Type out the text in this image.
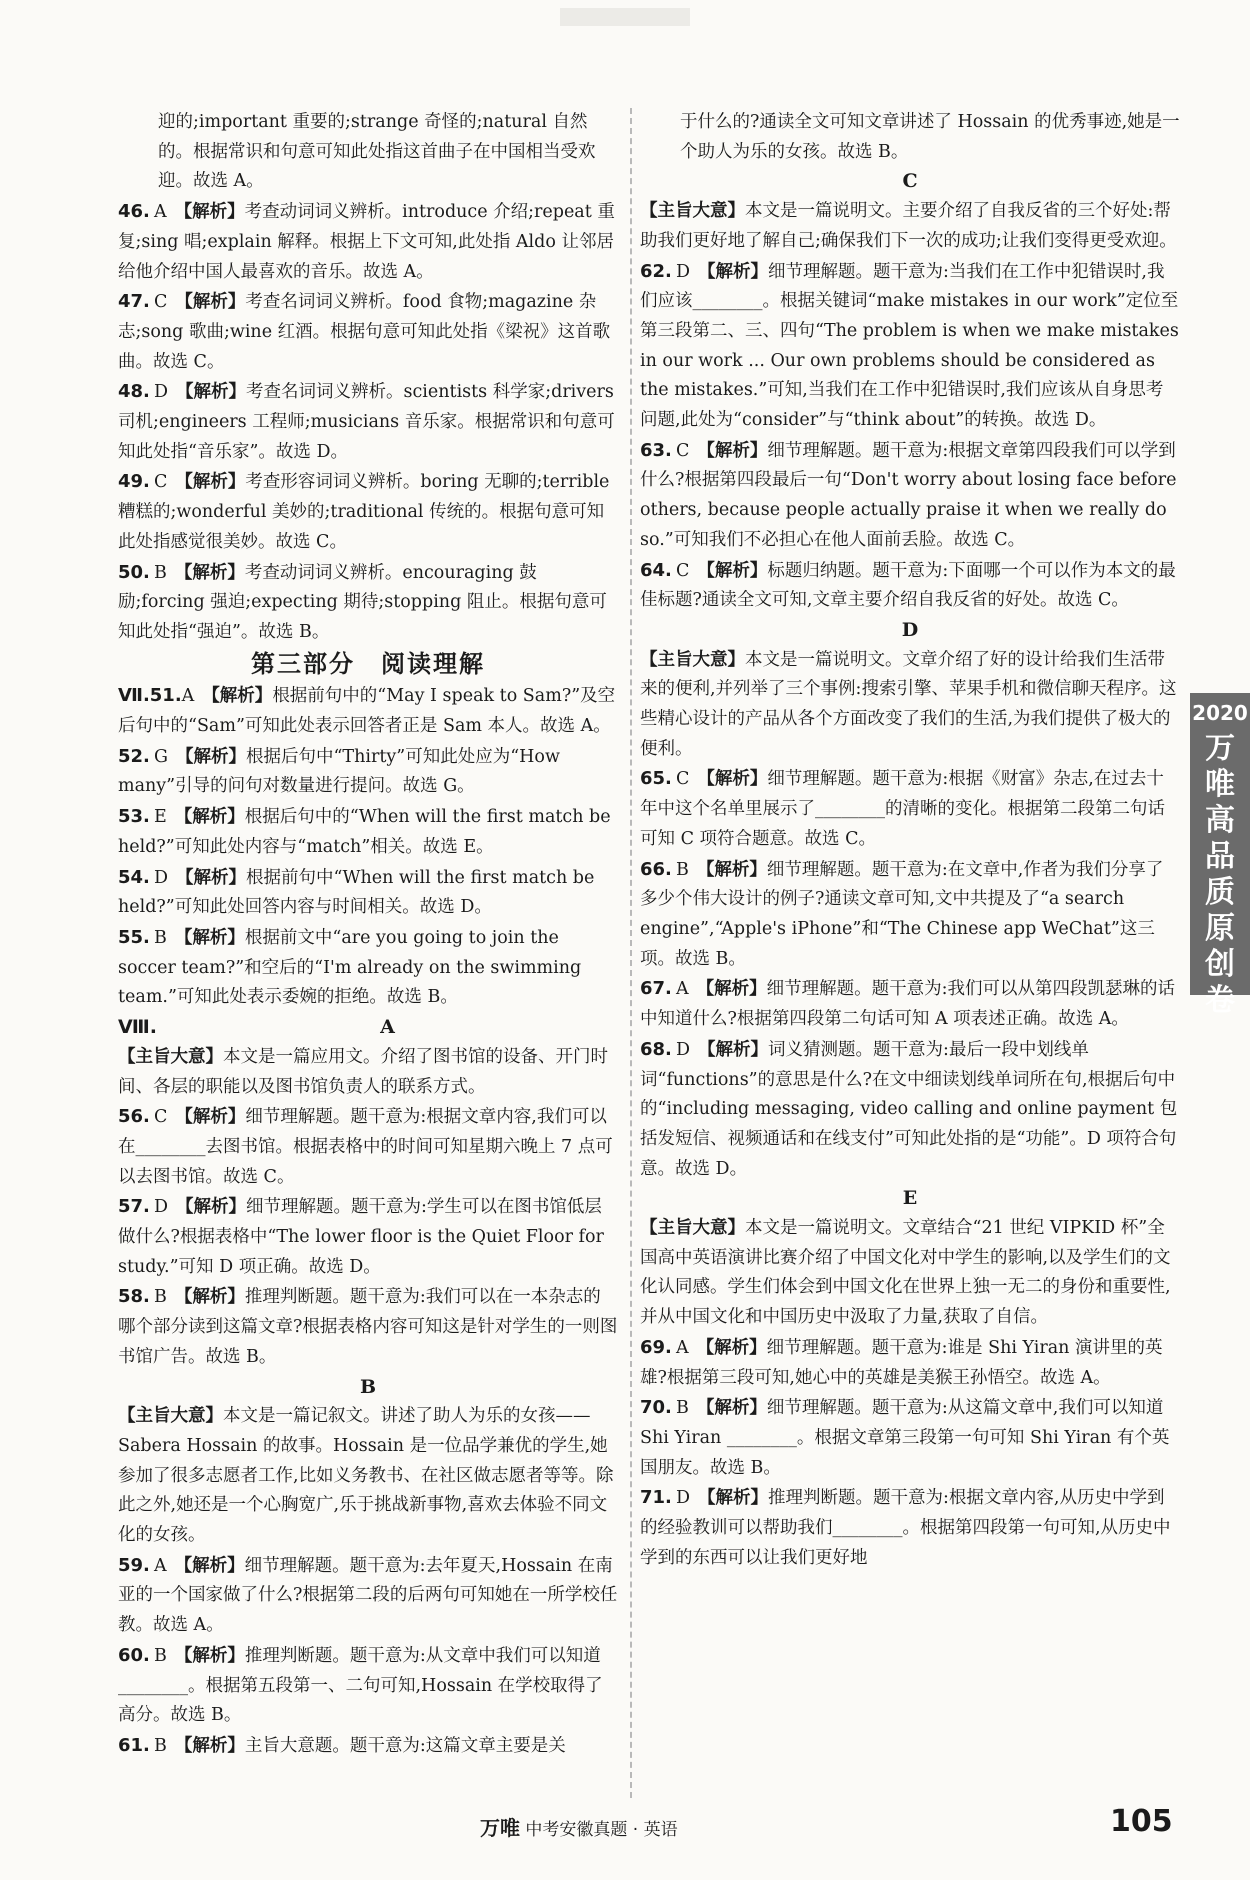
迎的;important 重要的;strange 奇怪的;natural 自然的。根据常识和句意可知此处指这首曲子在中国相当受欢迎。故选 A。
46. A 【解析】考查动词词义辨析。introduce 介绍;repeat 重复;sing 唱;explain 解释。根据上下文可知,此处指 Aldo 让邻居给他介绍中国人最喜欢的音乐。故选 A。
47. C 【解析】考查名词词义辨析。food 食物;magazine 杂志;song 歌曲;wine 红酒。根据句意可知此处指《梁祝》这首歌曲。故选 C。
48. D 【解析】考查名词词义辨析。scientists 科学家;drivers 司机;engineers 工程师;musicians 音乐家。根据常识和句意可知此处指“音乐家”。故选 D。
49. C 【解析】考查形容词词义辨析。boring 无聊的;terrible 糟糕的;wonderful 美妙的;traditional 传统的。根据句意可知此处指感觉很美妙。故选 C。
50. B 【解析】考查动词词义辨析。encouraging 鼓励;forcing 强迫;expecting 期待;stopping 阻止。根据句意可知此处指“强迫”。故选 B。
第三部分　阅读理解
Ⅶ.51.A 【解析】根据前句中的“May I speak to Sam?”及空后句中的“Sam”可知此处表示回答者正是 Sam 本人。故选 A。
52. G 【解析】根据后句中“Thirty”可知此处应为“How many”引导的问句对数量进行提问。故选 G。
53. E 【解析】根据后句中的“When will the first match be held?”可知此处内容与“match”相关。故选 E。
54. D 【解析】根据前句中“When will the first match be held?”可知此处回答内容与时间相关。故选 D。
55. B 【解析】根据前文中“are you going to join the soccer team?”和空后的“I'm already on the swimming team.”可知此处表示委婉的拒绝。故选 B。
Ⅷ.	A
【主旨大意】本文是一篇应用文。介绍了图书馆的设备、开门时间、各层的职能以及图书馆负责人的联系方式。
56. C 【解析】细节理解题。题干意为:根据文章内容,我们可以在________去图书馆。根据表格中的时间可知星期六晚上 7 点可以去图书馆。故选 C。
57. D 【解析】细节理解题。题干意为:学生可以在图书馆低层做什么?根据表格中“The lower floor is the Quiet Floor for study.”可知 D 项正确。故选 D。
58. B 【解析】推理判断题。题干意为:我们可以在一本杂志的哪个部分读到这篇文章?根据表格内容可知这是针对学生的一则图书馆广告。故选 B。
B
【主旨大意】本文是一篇记叙文。讲述了助人为乐的女孩——Sabera Hossain 的故事。Hossain 是一位品学兼优的学生,她参加了很多志愿者工作,比如义务教书、在社区做志愿者等等。除此之外,她还是一个心胸宽广,乐于挑战新事物,喜欢去体验不同文化的女孩。
59. A 【解析】细节理解题。题干意为:去年夏天,Hossain 在南亚的一个国家做了什么?根据第二段的后两句可知她在一所学校任教。故选 A。
60. B 【解析】推理判断题。题干意为:从文章中我们可以知道________。根据第五段第一、二句可知,Hossain 在学校取得了高分。故选 B。
61. B 【解析】主旨大意题。题干意为:这篇文章主要是关
于什么的?通读全文可知文章讲述了 Hossain 的优秀事迹,她是一个助人为乐的女孩。故选 B。
C
【主旨大意】本文是一篇说明文。主要介绍了自我反省的三个好处:帮助我们更好地了解自己;确保我们下一次的成功;让我们变得更受欢迎。
62. D 【解析】细节理解题。题干意为:当我们在工作中犯错误时,我们应该________。根据关键词“make mistakes in our work”定位至第三段第二、三、四句“The problem is when we make mistakes in our work ... Our own problems should be considered as the mistakes.”可知,当我们在工作中犯错误时,我们应该从自身思考问题,此处为“consider”与“think about”的转换。故选 D。
63. C 【解析】细节理解题。题干意为:根据文章第四段我们可以学到什么?根据第四段最后一句“Don't worry about losing face before others, because people actually praise it when we really do so.”可知我们不必担心在他人面前丢脸。故选 C。
64. C 【解析】标题归纳题。题干意为:下面哪一个可以作为本文的最佳标题?通读全文可知,文章主要介绍自我反省的好处。故选 C。
D
【主旨大意】本文是一篇说明文。文章介绍了好的设计给我们生活带来的便利,并列举了三个事例:搜索引擎、苹果手机和微信聊天程序。这些精心设计的产品从各个方面改变了我们的生活,为我们提供了极大的便利。
65. C 【解析】细节理解题。题干意为:根据《财富》杂志,在过去十年中这个名单里展示了________的清晰的变化。根据第二段第二句话可知 C 项符合题意。故选 C。
66. B 【解析】细节理解题。题干意为:在文章中,作者为我们分享了多少个伟大设计的例子?通读文章可知,文中共提及了“a search engine”,“Apple's iPhone”和“The Chinese app WeChat”这三项。故选 B。
67. A 【解析】细节理解题。题干意为:我们可以从第四段凯瑟琳的话中知道什么?根据第四段第二句话可知 A 项表述正确。故选 A。
68. D 【解析】词义猜测题。题干意为:最后一段中划线单词“functions”的意思是什么?在文中细读划线单词所在句,根据后句中的“including messaging, video calling and online payment 包括发短信、视频通话和在线支付”可知此处指的是“功能”。D 项符合句意。故选 D。
E
【主旨大意】本文是一篇说明文。文章结合“21 世纪 VIPKID 杯”全国高中英语演讲比赛介绍了中国文化对中学生的影响,以及学生们的文化认同感。学生们体会到中国文化在世界上独一无二的身份和重要性,并从中国文化和中国历史中汲取了力量,获取了自信。
69. A 【解析】细节理解题。题干意为:谁是 Shi Yiran 演讲里的英雄?根据第三段可知,她心中的英雄是美猴王孙悟空。故选 A。
70. B 【解析】细节理解题。题干意为:从这篇文章中,我们可以知道 Shi Yiran ________。根据文章第三段第一句可知 Shi Yiran 有个英国朋友。故选 B。
71. D 【解析】推理判断题。题干意为:根据文章内容,从历史中学到的经验教训可以帮助我们________。根据第四段第一句可知,从历史中学到的东西可以让我们更好地
2020
万
唯
高
品
质
原
创
卷
万唯 中考安徽真题 · 英语	105
